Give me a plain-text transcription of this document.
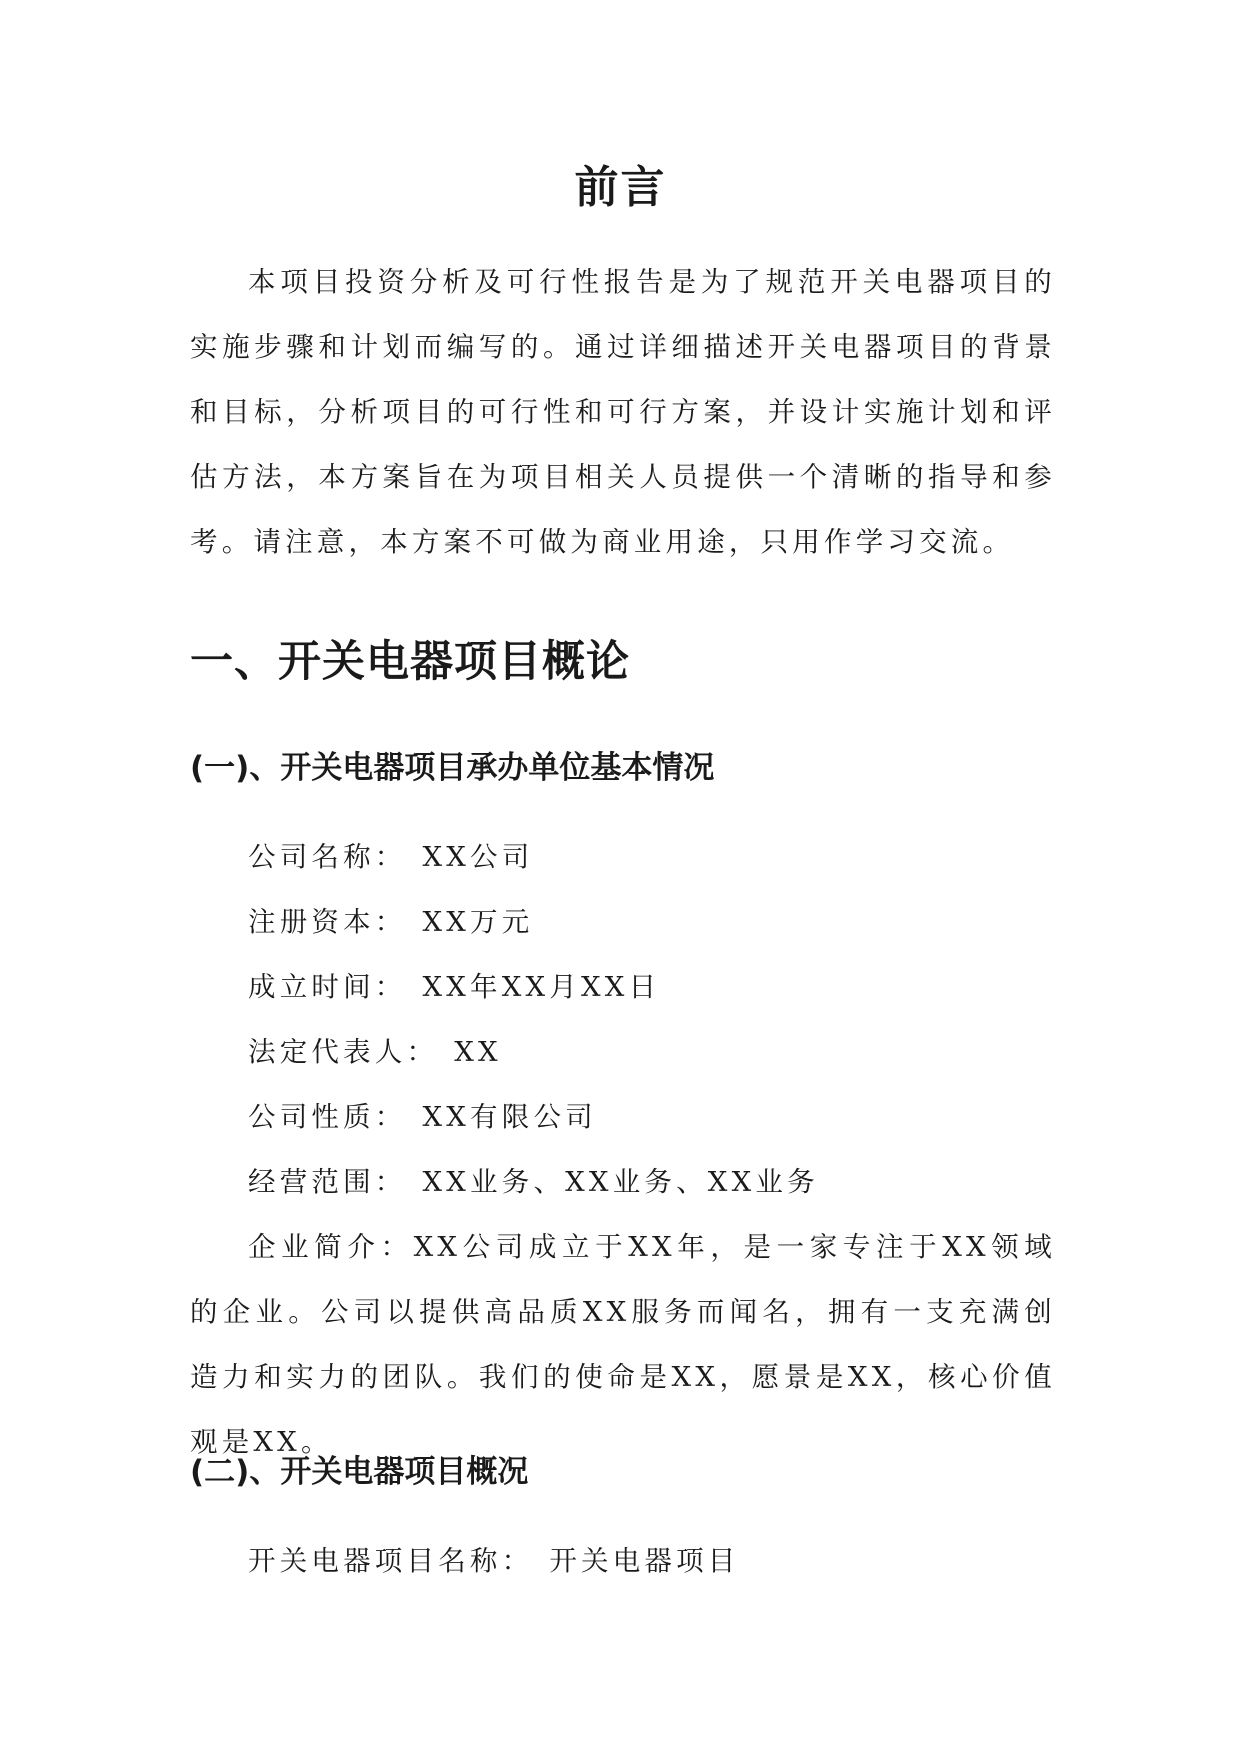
前言

本项目投资分析及可行性报告是为了规范开关电器项目的实施步骤和计划而编写的。通过详细描述开关电器项目的背景和目标，分析项目的可行性和可行方案，并设计实施计划和评估方法，本方案旨在为项目相关人员提供一个清晰的指导和参考。请注意，本方案不可做为商业用途，只用作学习交流。

一、开关电器项目概论
(一)、开关电器项目承办单位基本情况
公司名称： XX公司
注册资本： XX万元
成立时间： XX年XX月XX日
法定代表人： XX
公司性质： XX有限公司
经营范围： XX业务、XX业务、XX业务

企业简介：XX公司成立于XX年，是一家专注于XX领域的企业。公司以提供高品质XX服务而闻名，拥有一支充满创造力和实力的团队。我们的使命是XX，愿景是XX，核心价值观是XX。

(二)、开关电器项目概况
开关电器项目名称： 开关电器项目
